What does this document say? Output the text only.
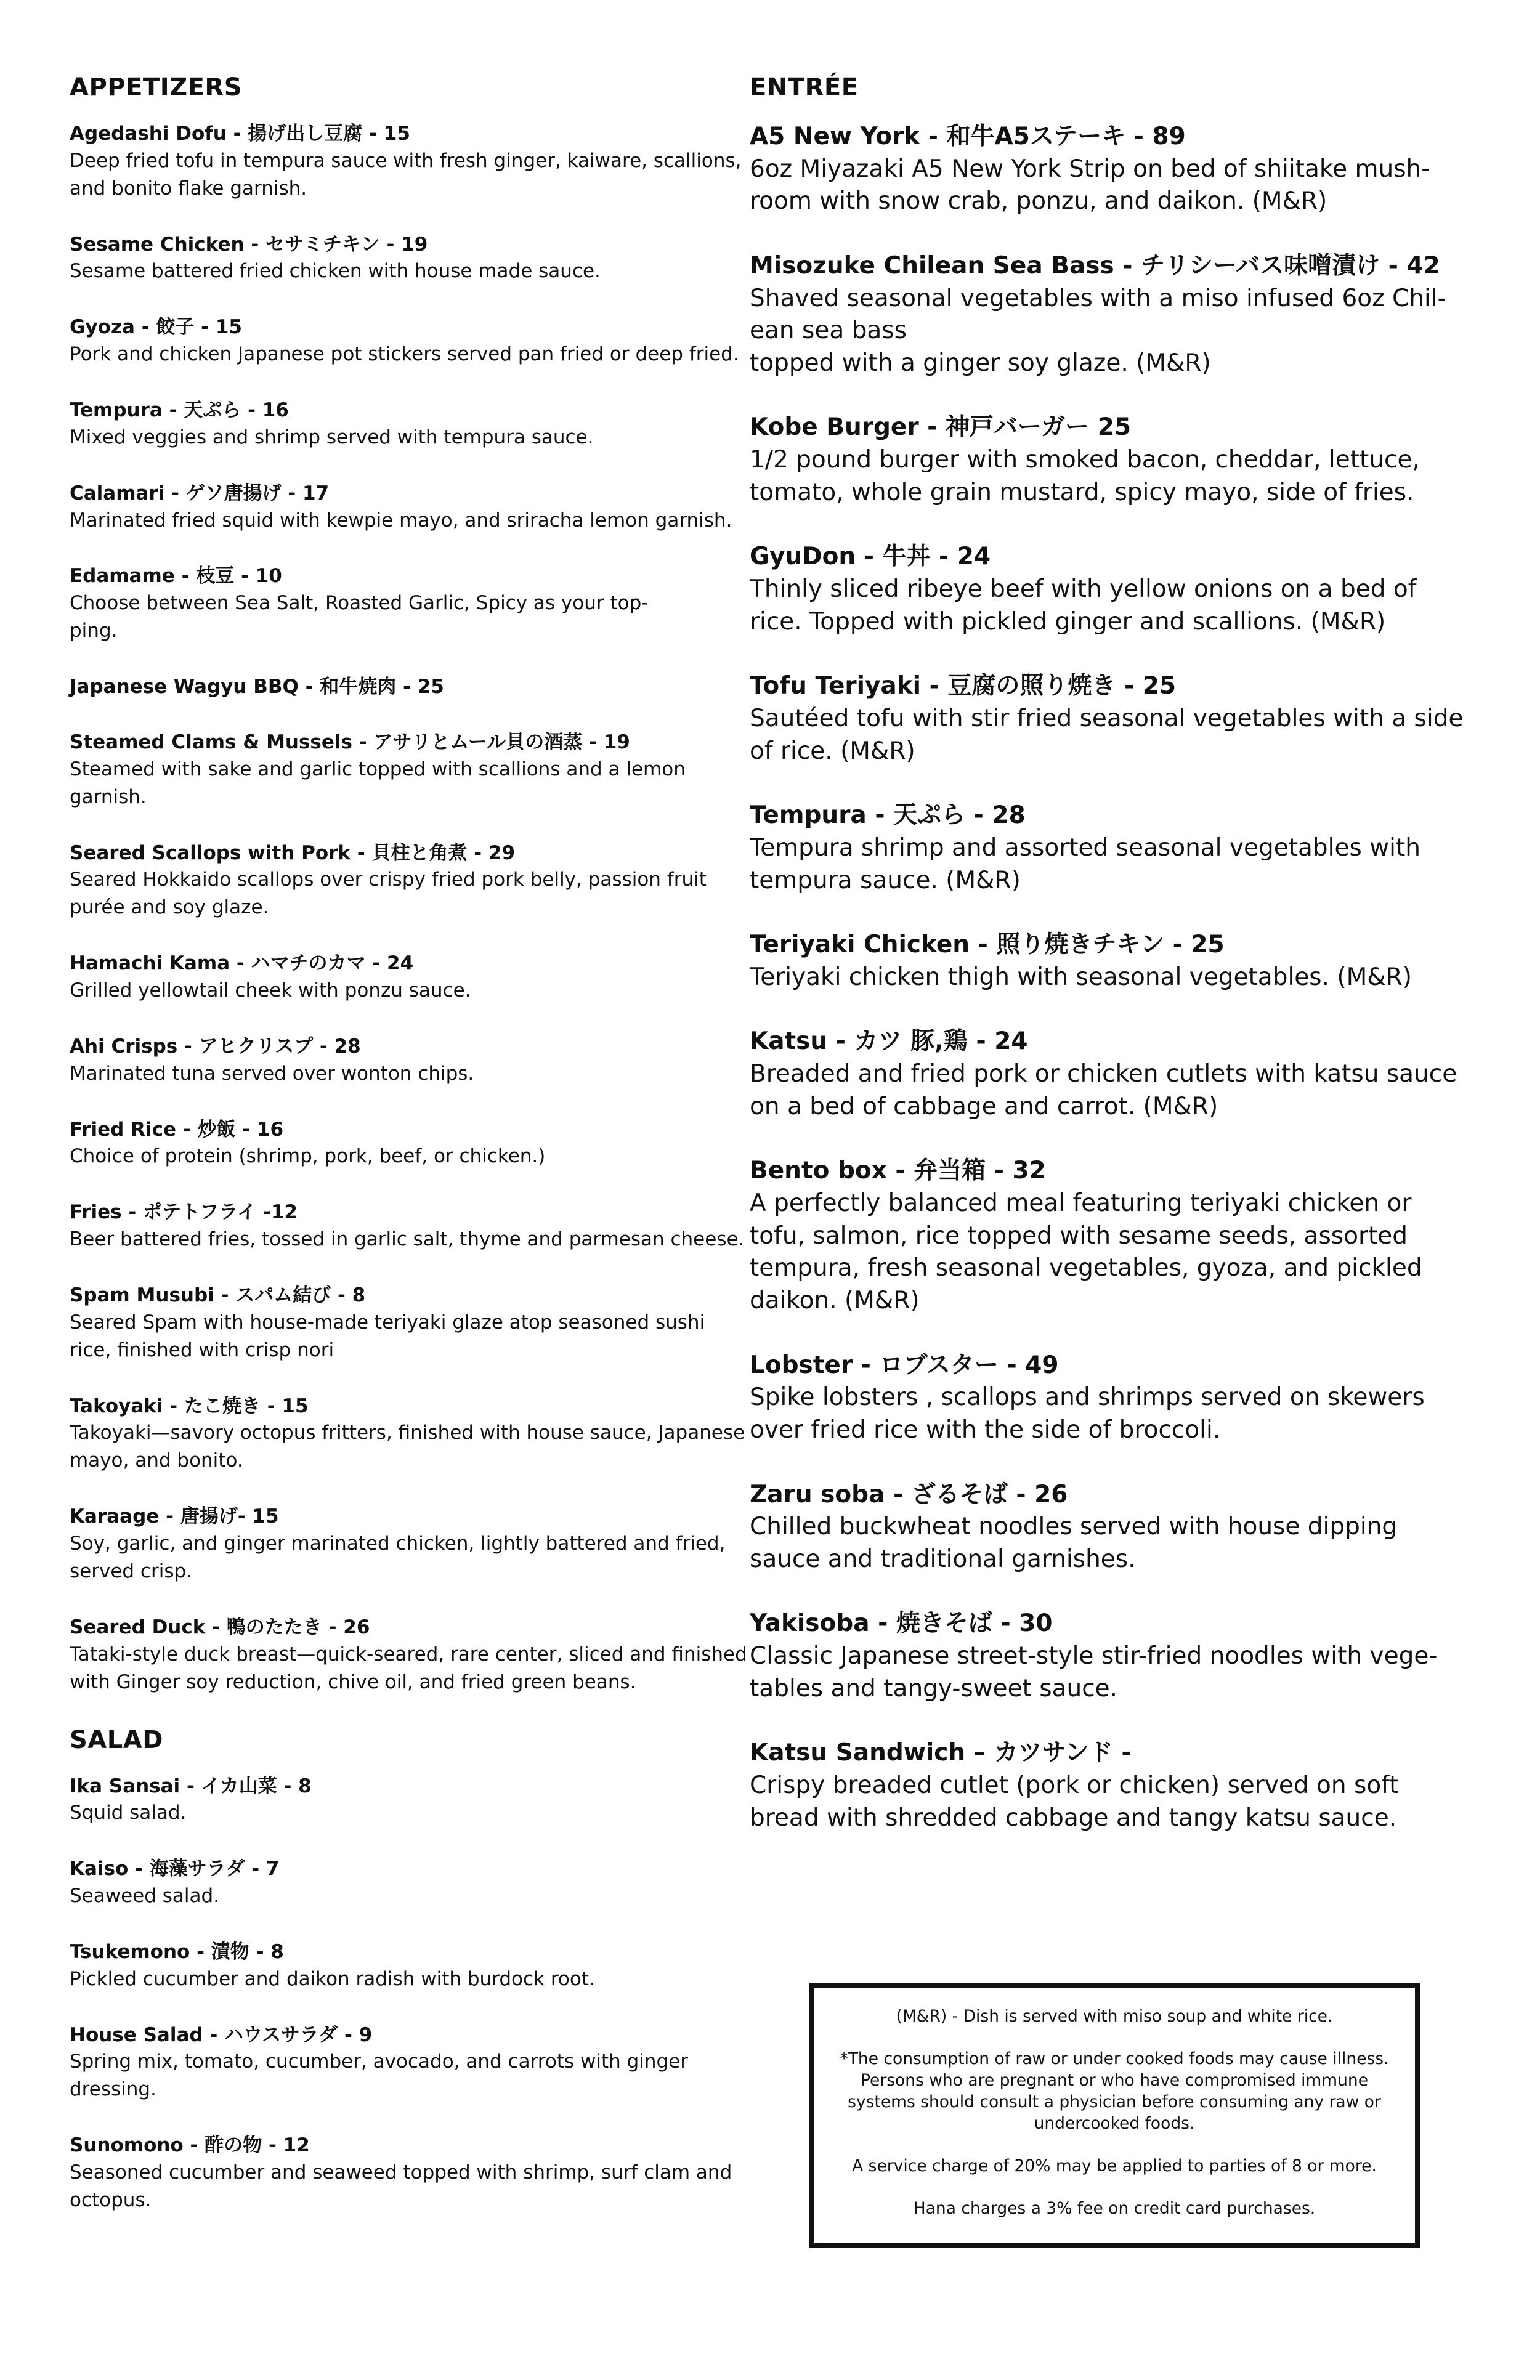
APPETIZERS
Agedashi Dofu - 揚げ出し豆腐 - 15
Deep fried tofu in tempura sauce with fresh ginger, kaiware, scallions, and bonito flake garnish.
Sesame Chicken - セサミチキン - 19
Sesame battered fried chicken with house made sauce.
Gyoza - 餃子 - 15
Pork and chicken Japanese pot stickers served pan fried or deep fried.
Tempura - 天ぷら - 16
Mixed veggies and shrimp served with tempura sauce.
Calamari - ゲソ唐揚げ - 17
Marinated fried squid with kewpie mayo, and sriracha lemon garnish.
Edamame - 枝豆 - 10
Choose between Sea Salt, Roasted Garlic, Spicy as your top-
ping.
Japanese Wagyu BBQ - 和牛焼肉 - 25
Steamed Clams & Mussels - アサリとムール貝の酒蒸 - 19
Steamed with sake and garlic topped with scallions and a lemon garnish.
Seared Scallops with Pork - 貝柱と角煮 - 29
Seared Hokkaido scallops over crispy fried pork belly, passion fruit purée and soy glaze.
Hamachi Kama - ハマチのカマ - 24
Grilled yellowtail cheek with ponzu sauce.
Ahi Crisps - アヒクリスプ - 28
Marinated tuna served over wonton chips.
Fried Rice - 炒飯 - 16
Choice of protein (shrimp, pork, beef, or chicken.)
Fries - ポテトフライ -12
Beer battered fries, tossed in garlic salt, thyme and parmesan cheese.
Spam Musubi - スパム結び - 8
Seared Spam with house-made teriyaki glaze atop seasoned sushi rice, finished with crisp nori
Takoyaki - たこ焼き - 15
Takoyaki—savory octopus fritters, finished with house sauce, Japanese mayo, and bonito.
Karaage - 唐揚げ- 15
Soy, garlic, and ginger marinated chicken, lightly battered and fried, served crisp.
Seared Duck - 鴨のたたき - 26
Tataki-style duck breast—quick-seared, rare center, sliced and finished with Ginger soy reduction, chive oil, and fried green beans.
SALAD
Ika Sansai - イカ山菜 - 8
Squid salad.
Kaiso - 海藻サラダ - 7
Seaweed salad.
Tsukemono - 漬物 - 8
Pickled cucumber and daikon radish with burdock root.
House Salad - ハウスサラダ - 9
Spring mix, tomato, cucumber, avocado, and carrots with ginger dressing.
Sunomono - 酢の物 - 12
Seasoned cucumber and seaweed topped with shrimp, surf clam and octopus.
ENTRÉE
A5 New York - 和牛A5ステーキ - 89
6oz Miyazaki A5 New York Strip on bed of shiitake mush-
room with snow crab, ponzu, and daikon. (M&R)
Misozuke Chilean Sea Bass - チリシーバス味噌漬け - 42
Shaved seasonal vegetables with a miso infused 6oz Chil-
ean sea bass
topped with a ginger soy glaze. (M&R)
Kobe Burger - 神戸バーガー 25
1/2 pound burger with smoked bacon, cheddar, lettuce, tomato, whole grain mustard, spicy mayo, side of fries.
GyuDon - 牛丼 - 24
Thinly sliced ribeye beef with yellow onions on a bed of rice. Topped with pickled ginger and scallions. (M&R)
Tofu Teriyaki - 豆腐の照り焼き - 25
Sautéed tofu with stir fried seasonal vegetables with a side of rice. (M&R)
Tempura - 天ぷら - 28
Tempura shrimp and assorted seasonal vegetables with tempura sauce. (M&R)
Teriyaki Chicken - 照り焼きチキン - 25
Teriyaki chicken thigh with seasonal vegetables. (M&R)
Katsu - カツ 豚,鶏 - 24
Breaded and fried pork or chicken cutlets with katsu sauce on a bed of cabbage and carrot. (M&R)
Bento box - 弁当箱 - 32
A perfectly balanced meal featuring teriyaki chicken or tofu, salmon, rice topped with sesame seeds, assorted tempura, fresh seasonal vegetables, gyoza, and pickled daikon. (M&R)
Lobster - ロブスター - 49
Spike lobsters , scallops and shrimps served on skewers over fried rice with the side of broccoli.
Zaru soba - ざるそば - 26
Chilled buckwheat noodles served with house dipping sauce and traditional garnishes.
Yakisoba - 焼きそば - 30
Classic Japanese street-style stir-fried noodles with vege-
tables and tangy-sweet sauce.
Katsu Sandwich – カツサンド -
Crispy breaded cutlet (pork or chicken) served on soft bread with shredded cabbage and tangy katsu sauce.

(M&R) - Dish is served with miso soup and white rice.

*The consumption of raw or under cooked foods may cause illness. Persons who are pregnant or who have compromised immune systems should consult a physician before consuming any raw or undercooked foods.

A service charge of 20% may be applied to parties of 8 or more.

Hana charges a 3% fee on credit card purchases.
